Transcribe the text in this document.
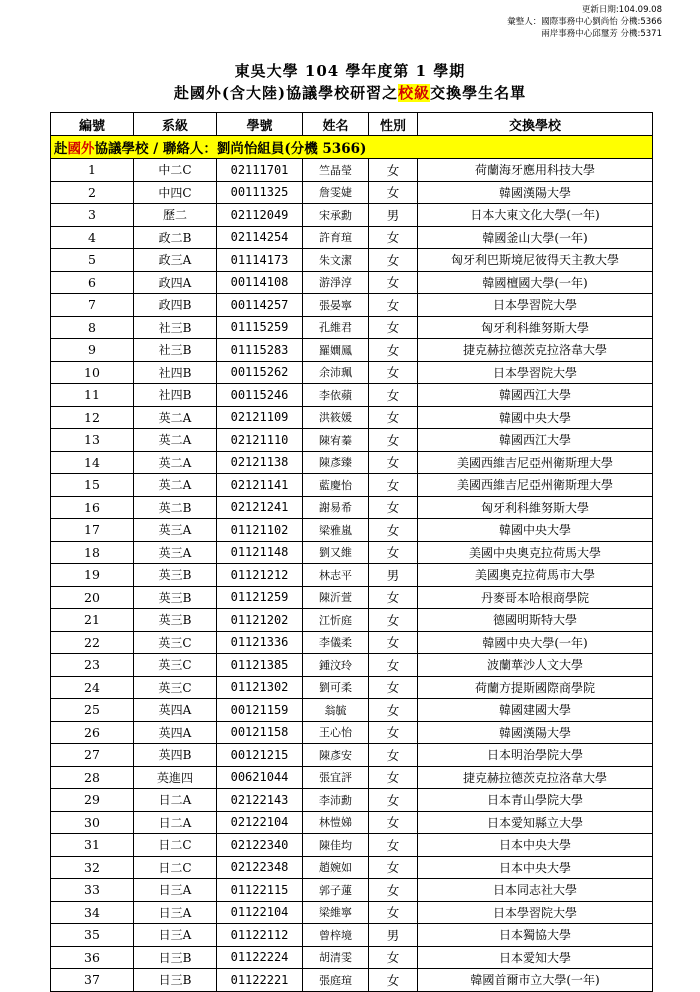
更新日期:104.09.08
彙整人：國際事務中心劉尚怡 分機:5366
兩岸事務中心邱璽芳 分機:5371
東吳大學 104 學年度第 1 學期
赴國外(含大陸)協議學校研習之校級交換學生名單
編號	系級	學號	姓名	性別	交換學校
赴國外協議學校 / 聯絡人：劉尚怡組員(分機 5366)					
1	中二C	02111701	竺晶瑩	女	荷蘭海牙應用科技大學
2	中四C	00111325	詹雯婕	女	韓國漢陽大學
3	歷二	02112049	宋承勳	男	日本大東文化大學(一年)
4	政二B	02114254	許育瑄	女	韓國釜山大學(一年)
5	政三A	01114173	朱文潔	女	匈牙利巴斯境尼彼得天主教大學
6	政四A	00114108	游淨淳	女	韓國檀國大學(一年)
7	政四B	00114257	張晏寧	女	日本學習院大學
8	社三B	01115259	孔維君	女	匈牙利科維努斯大學
9	社三B	01115283	羅嫺鳳	女	捷克赫拉德茨克拉洛韋大學
10	社四B	00115262	余沛珮	女	日本學習院大學
11	社四B	00115246	李依蘋	女	韓國西江大學
12	英二A	02121109	洪筱媛	女	韓國中央大學
13	英二A	02121110	陳宥蓁	女	韓國西江大學
14	英二A	02121138	陳彥臻	女	美國西維吉尼亞州衛斯理大學
15	英二A	02121141	藍慶怡	女	美國西維吉尼亞州衛斯理大學
16	英二B	02121241	謝易希	女	匈牙利科維努斯大學
17	英三A	01121102	梁雅嵐	女	韓國中央大學
18	英三A	01121148	劉又維	女	美國中央奧克拉荷馬大學
19	英三B	01121212	林志平	男	美國奧克拉荷馬市大學
20	英三B	01121259	陳沂萱	女	丹麥哥本哈根商學院
21	英三B	01121202	江忻庭	女	德國明斯特大學
22	英三C	01121336	李儀柔	女	韓國中央大學(一年)
23	英三C	01121385	鍾汶玲	女	波蘭華沙人文大學
24	英三C	01121302	劉可柔	女	荷蘭方提斯國際商學院
25	英四A	00121159	翁毓	女	韓國建國大學
26	英四A	00121158	王心怡	女	韓國漢陽大學
27	英四B	00121215	陳彥安	女	日本明治學院大學
28	英進四	00621044	張宜評	女	捷克赫拉德茨克拉洛韋大學
29	日二A	02122143	李沛勳	女	日本青山學院大學
30	日二A	02122104	林愷娣	女	日本愛知縣立大學
31	日二C	02122340	陳佳均	女	日本中央大學
32	日二C	02122348	趙婉如	女	日本中央大學
33	日三A	01122115	郭子蓮	女	日本同志社大學
34	日三A	01122104	梁維寧	女	日本學習院大學
35	日三A	01122112	曾梓境	男	日本獨協大學
36	日三B	01122224	胡清雯	女	日本愛知大學
37	日三B	01122221	張庭瑄	女	韓國首爾市立大學(一年)
